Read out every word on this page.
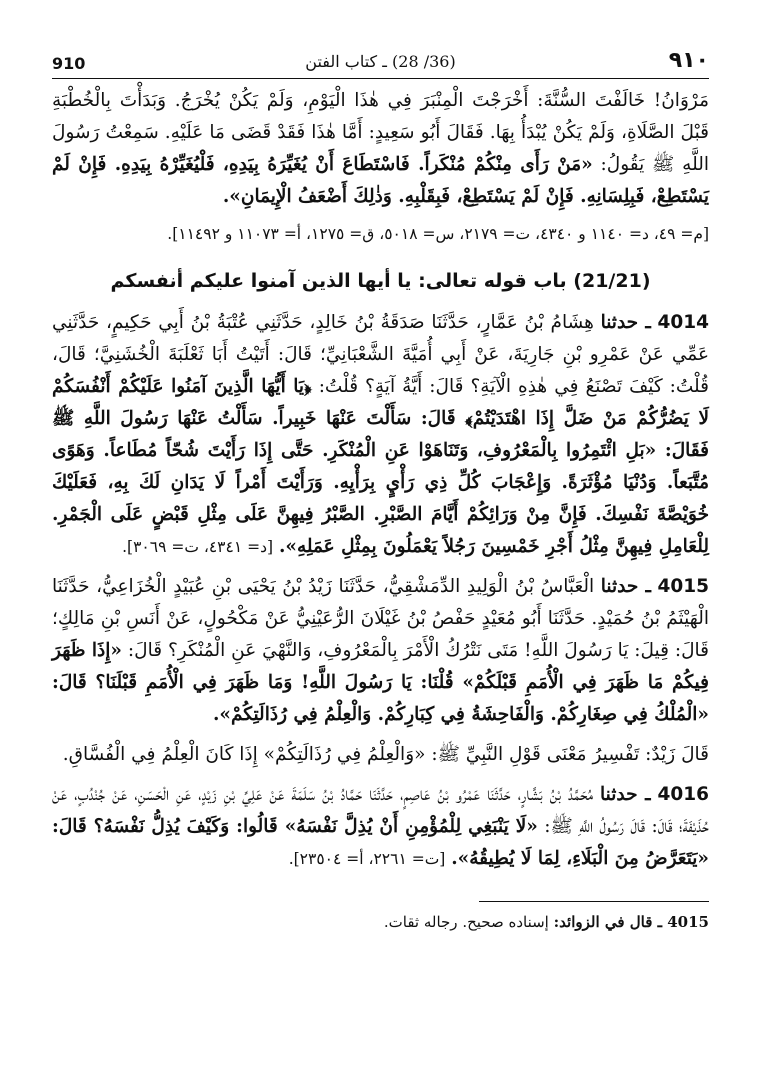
910	(36/ 28) ـ كتاب الفتن	٩١٠

مَرْوَانُ! خَالَفْتَ السُّنَّةَ: أَخْرَجْتَ الْمِنْبَرَ فِي هٰذَا الْيَوْمِ، وَلَمْ يَكُنْ يُخْرَجُ. وَبَدَأْتَ بِالْخُطْبَةِ قَبْلَ الصَّلَاةِ، وَلَمْ يَكُنْ يُبْدَأُ بِهَا. فَقَالَ أَبُو سَعِيدٍ: أَمَّا هٰذَا فَقَدْ قَضَى مَا عَلَيْهِ. سَمِعْتُ رَسُولَ اللَّهِ ﷺ يَقُولُ: «مَنْ رَأَى مِنْكُمْ مُنْكَراً. فَاسْتَطَاعَ أَنْ يُغَيِّرَهُ بِيَدِهِ، فَلْيُغَيِّرْهُ بِيَدِهِ. فَإِنْ لَمْ يَسْتَطِعْ، فَبِلِسَانِهِ. فَإِنْ لَمْ يَسْتَطِعْ، فَبِقَلْبِهِ. وَذٰلِكَ أَضْعَفُ الْإِيمَانِ».

[م= ٤٩، د= ١١٤٠ و ٤٣٤٠، ت= ٢١٧٩، س= ٥٠١٨، ق= ١٢٧٥، أ= ١١٠٧٣ و ١١٤٩٢].
(21/21) باب قوله تعالى: يا أيها الذين آمنوا عليكم أنفسكم

4014 ـ حدثنا هِشَامُ بْنُ عَمَّارٍ، حَدَّثَنَا صَدَقَةُ بْنُ خَالِدٍ، حَدَّثَنِي عُتْبَةُ بْنُ أَبِي حَكِيمٍ، حَدَّثَنِي عَمِّي عَنْ عَمْرِو بْنِ جَارِيَةَ، عَنْ أَبِي أُمَيَّةَ الشَّعْبَانِيِّ؛ قَالَ: أَتَيْتُ أَبَا ثَعْلَبَةَ الْخُشَنِيَّ؛ قَالَ، قُلْتُ: كَيْفَ تَصْنَعُ فِي هٰذِهِ الْآيَةِ؟ قَالَ: أَيَّةُ آيَةٍ؟ قُلْتُ: ﴿يَا أَيُّهَا الَّذِينَ آمَنُوا عَلَيْكُمْ أَنْفُسَكُمْ لَا يَضُرُّكُمْ مَنْ ضَلَّ إِذَا اهْتَدَيْتُمْ﴾ قَالَ: سَأَلْتَ عَنْهَا خَبِيراً. سَأَلْتُ عَنْهَا رَسُولَ اللَّهِ ﷺ فَقَالَ: «بَلِ ائْتَمِرُوا بِالْمَعْرُوفِ، وَتَنَاهَوْا عَنِ الْمُنْكَرِ. حَتَّى إِذَا رَأَيْتَ شُحّاً مُطَاعاً. وَهَوًى مُتَّبَعاً. وَدُنْيَا مُؤْثَرَةً. وَإِعْجَابَ كُلِّ ذِي رَأْيٍ بِرَأْيِهِ. وَرَأَيْتَ أَمْراً لَا يَدَانِ لَكَ بِهِ، فَعَلَيْكَ خُوَيْصَّةَ نَفْسِكَ. فَإِنَّ مِنْ وَرَائِكُمْ أَيَّامَ الصَّبْرِ. الصَّبْرُ فِيهِنَّ عَلَى مِثْلِ قَبْضٍ عَلَى الْجَمْرِ. لِلْعَامِلِ فِيهِنَّ مِثْلُ أَجْرِ خَمْسِينَ رَجُلاً يَعْمَلُونَ بِمِثْلِ عَمَلِهِ». [د= ٤٣٤١، ت= ٣٠٦٩].

4015 ـ حدثنا الْعَبَّاسُ بْنُ الْوَلِيدِ الدِّمَشْقِيُّ، حَدَّثَنَا زَيْدُ بْنُ يَحْيَى بْنِ عُبَيْدٍ الْخُزَاعِيُّ، حَدَّثَنَا الْهَيْثَمُ بْنُ حُمَيْدٍ. حَدَّثَنَا أَبُو مُعَيْدٍ حَفْصُ بْنُ غَيْلَانَ الرُّعَيْنِيُّ عَنْ مَكْحُولٍ، عَنْ أَنَسِ بْنِ مَالِكٍ؛ قَالَ: قِيلَ: يَا رَسُولَ اللَّهِ! مَتَى نَتْرُكُ الْأَمْرَ بِالْمَعْرُوفِ، وَالنَّهْيَ عَنِ الْمُنْكَرِ؟ قَالَ: «إِذَا ظَهَرَ فِيكُمْ مَا ظَهَرَ فِي الْأُمَمِ قَبْلَكُمْ» قُلْنَا: يَا رَسُولَ اللَّهِ! وَمَا ظَهَرَ فِي الْأُمَمِ قَبْلَنَا؟ قَالَ: «الْمُلْكُ فِي صِغَارِكُمْ. وَالْفَاحِشَةُ فِي كِبَارِكُمْ. وَالْعِلْمُ فِي رُذَالَتِكُمْ».

قَالَ زَيْدٌ: تَفْسِيرُ مَعْنَى قَوْلِ النَّبِيِّ ﷺ: «وَالْعِلْمُ فِي رُذَالَتِكُمْ» إِذَا كَانَ الْعِلْمُ فِي الْفُسَّاقِ.

4016 ـ حدثنا مُحَمَّدُ بْنُ بَشَّارٍ، حَدَّثَنَا عَمْرُو بْنُ عَاصِمٍ، حَدَّثَنَا حَمَّادُ بْنُ سَلَمَةَ عَنْ عَلِيِّ بْنِ زَيْدٍ، عَنِ الْحَسَنِ، عَنْ جُنْدُبٍ، عَنْ حُذَيْفَةَ؛ قَالَ: قَالَ رَسُولُ اللَّهِ ﷺ: «لَا يَنْبَغِي لِلْمُؤْمِنِ أَنْ يُذِلَّ نَفْسَهُ» قَالُوا: وَكَيْفَ يُذِلُّ نَفْسَهُ؟ قَالَ: «يَتَعَرَّضُ مِنَ الْبَلَاءِ، لِمَا لَا يُطِيقُهُ». [ت= ٢٢٦١، أ= ٢٣٥٠٤].

4015 ـ قال في الزوائد: إسناده صحيح. رجاله ثقات.
